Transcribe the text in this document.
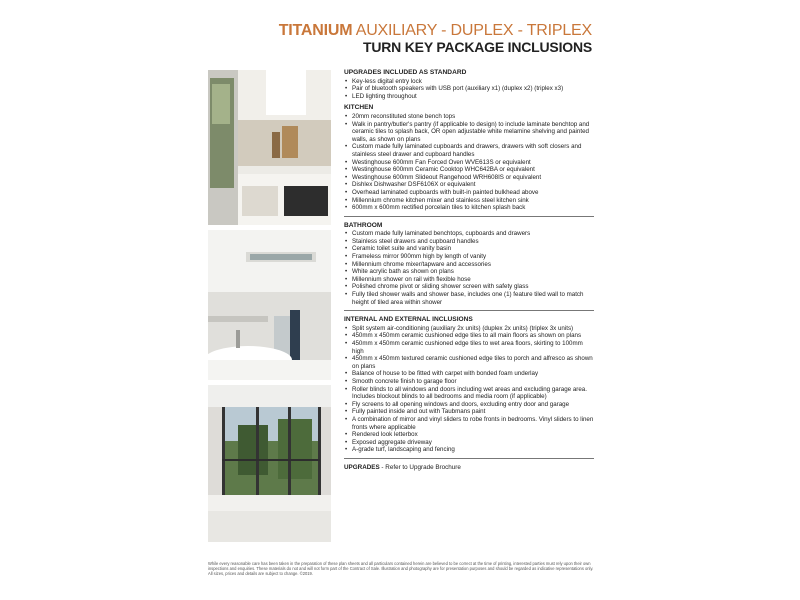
TITANIUM AUXILIARY - DUPLEX - TRIPLEX
TURN KEY PACKAGE INCLUSIONS
UPGRADES INCLUDED AS STANDARD
• Key-less digital entry lock
• Pair of bluetooth speakers with USB port (auxiliary x1) (duplex x2) (triplex x3)
• LED lighting throughout
KITCHEN
• 20mm reconstituted stone bench tops
• Walk in pantry/butler's pantry (if applicable to design) to include laminate benchtop and ceramic tiles to splash back, OR open adjustable white melamine shelving and painted walls, as shown on plans
• Custom made fully laminated cupboards and drawers, drawers with soft closers and stainless steel drawer and cupboard handles
• Westinghouse 600mm Fan Forced Oven WVE613S or equivalent
• Westinghouse 600mm Ceramic Cooktop WHC642BA or equivalent
• Westinghouse 600mm Slideout Rangehood WRH608IS or equivalent
• Dishlex Dishwasher DSF6106X or equivalent
• Overhead laminated cupboards with built-in painted bulkhead above
• Millennium chrome kitchen mixer and stainless steel kitchen sink
• 600mm x 600mm rectified porcelain tiles to kitchen splash back
BATHROOM
• Custom made fully laminated benchtops, cupboards and drawers
• Stainless steel drawers and cupboard handles
• Ceramic toilet suite and vanity basin
• Frameless mirror 900mm high by length of vanity
• Millennium chrome mixer/tapware and accessories
• White acrylic bath as shown on plans
• Millennium shower on rail with flexible hose
• Polished chrome pivot or sliding shower screen with safety glass
• Fully tiled shower walls and shower base, includes one (1) feature tiled wall to match height of tiled area within shower
INTERNAL AND EXTERNAL INCLUSIONS
• Split system air-conditioning (auxiliary 2x units) (duplex 2x units) (triplex 3x units)
• 450mm x 450mm ceramic cushioned edge tiles to all main floors as shown on plans
• 450mm x 450mm ceramic cushioned edge tiles to wet area floors, skirting to 100mm high
• 450mm x 450mm textured ceramic cushioned edge tiles to porch and alfresco as shown on plans
• Balance of house to be fitted with carpet with bonded foam underlay
• Smooth concrete finish to garage floor
• Roller blinds to all windows and doors including wet areas and excluding garage area. Includes blockout blinds to all bedrooms and media room (if applicable)
• Fly screens to all opening windows and doors, excluding entry door and garage
• Fully painted inside and out with Taubmans paint
• A combination of mirror and vinyl sliders to robe fronts in bedrooms. Vinyl sliders to linen fronts where applicable
• Rendered look letterbox
• Exposed aggregate driveway
• A-grade turf, landscaping and fencing
UPGRADES - Refer to Upgrade Brochure
While every reasonable care has been taken in the preparation of these plan sheets and all particulars contained herein are believed to be correct at the time of printing, interested parties must rely upon their own inspections and enquiries. These materials do not and will not form part of the Contract of Sale. Illustration and photography are for presentation purposes and should be regarded as indicative representations only. All sizes, prices and details are subject to change. ©2019.
